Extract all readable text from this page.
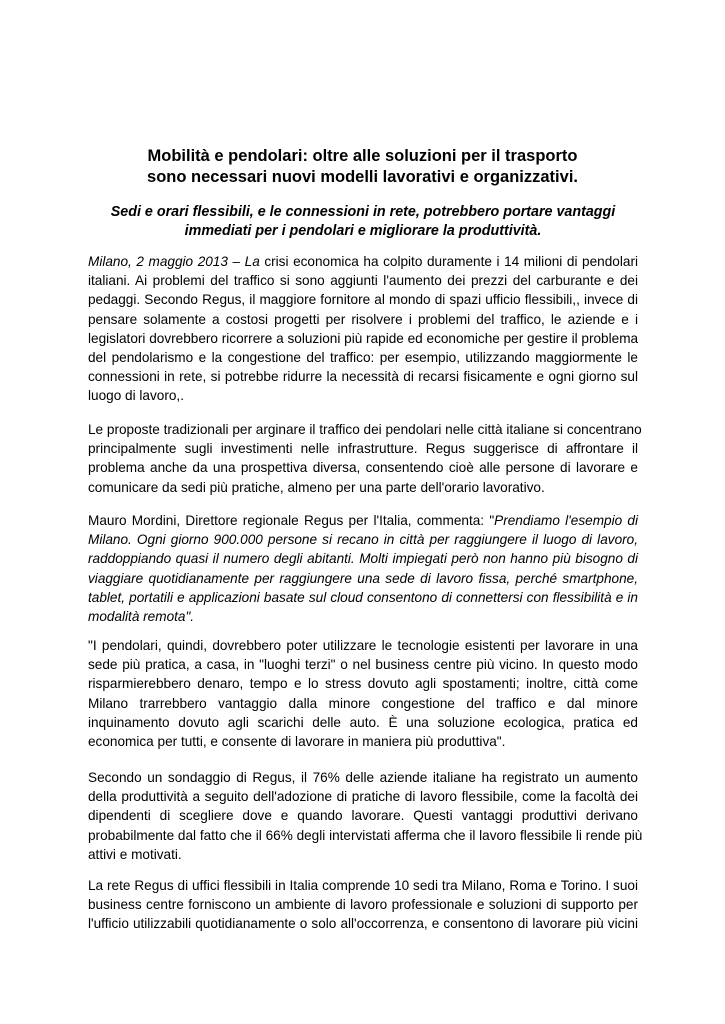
Mobilità e pendolari: oltre alle soluzioni per il trasporto
sono necessari nuovi modelli lavorativi e organizzativi.
Sedi e orari flessibili, e le connessioni in rete, potrebbero portare vantaggi
immediati per i pendolari e migliorare la produttività.
Milano, 2 maggio 2013 – La crisi economica ha colpito duramente i 14 milioni di pendolari
italiani. Ai problemi del traffico si sono aggiunti l'aumento dei prezzi del carburante e dei
pedaggi. Secondo Regus, il maggiore fornitore al mondo di spazi ufficio flessibili,, invece di
pensare solamente a costosi progetti per risolvere i problemi del traffico, le aziende e i
legislatori dovrebbero ricorrere a soluzioni più rapide ed economiche per gestire il problema
del pendolarismo e la congestione del traffico: per esempio, utilizzando maggiormente le
connessioni in rete, si potrebbe ridurre la necessità di recarsi fisicamente e ogni giorno sul
luogo di lavoro,.
Le proposte tradizionali per arginare il traffico dei pendolari nelle città italiane si concentrano
principalmente sugli investimenti nelle infrastrutture. Regus suggerisce di affrontare il
problema anche da una prospettiva diversa, consentendo cioè alle persone di lavorare e
comunicare da sedi più pratiche, almeno per una parte dell'orario lavorativo.
Mauro Mordini, Direttore regionale Regus per l'Italia, commenta: "Prendiamo l'esempio di
Milano. Ogni giorno 900.000 persone si recano in città per raggiungere il luogo di lavoro,
raddoppiando quasi il numero degli abitanti. Molti impiegati però non hanno più bisogno di
viaggiare quotidianamente per raggiungere una sede di lavoro fissa, perché smartphone,
tablet, portatili e applicazioni basate sul cloud consentono di connettersi con flessibilità e in
modalità remota".
"I pendolari, quindi, dovrebbero poter utilizzare le tecnologie esistenti per lavorare in una
sede più pratica, a casa, in "luoghi terzi" o nel business centre più vicino. In questo modo
risparmierebbero denaro, tempo e lo stress dovuto agli spostamenti; inoltre, città come
Milano trarrebbero vantaggio dalla minore congestione del traffico e dal minore
inquinamento dovuto agli scarichi delle auto. È una soluzione ecologica, pratica ed
economica per tutti, e consente di lavorare in maniera più produttiva".
Secondo un sondaggio di Regus, il 76% delle aziende italiane ha registrato un aumento
della produttività a seguito dell'adozione di pratiche di lavoro flessibile, come la facoltà dei
dipendenti di scegliere dove e quando lavorare. Questi vantaggi produttivi derivano
probabilmente dal fatto che il 66% degli intervistati afferma che il lavoro flessibile li rende più
attivi e motivati.
La rete Regus di uffici flessibili in Italia comprende 10 sedi tra Milano, Roma e Torino. I suoi
business centre forniscono un ambiente di lavoro professionale e soluzioni di supporto per
l'ufficio utilizzabili quotidianamente o solo all'occorrenza, e consentono di lavorare più vicini
